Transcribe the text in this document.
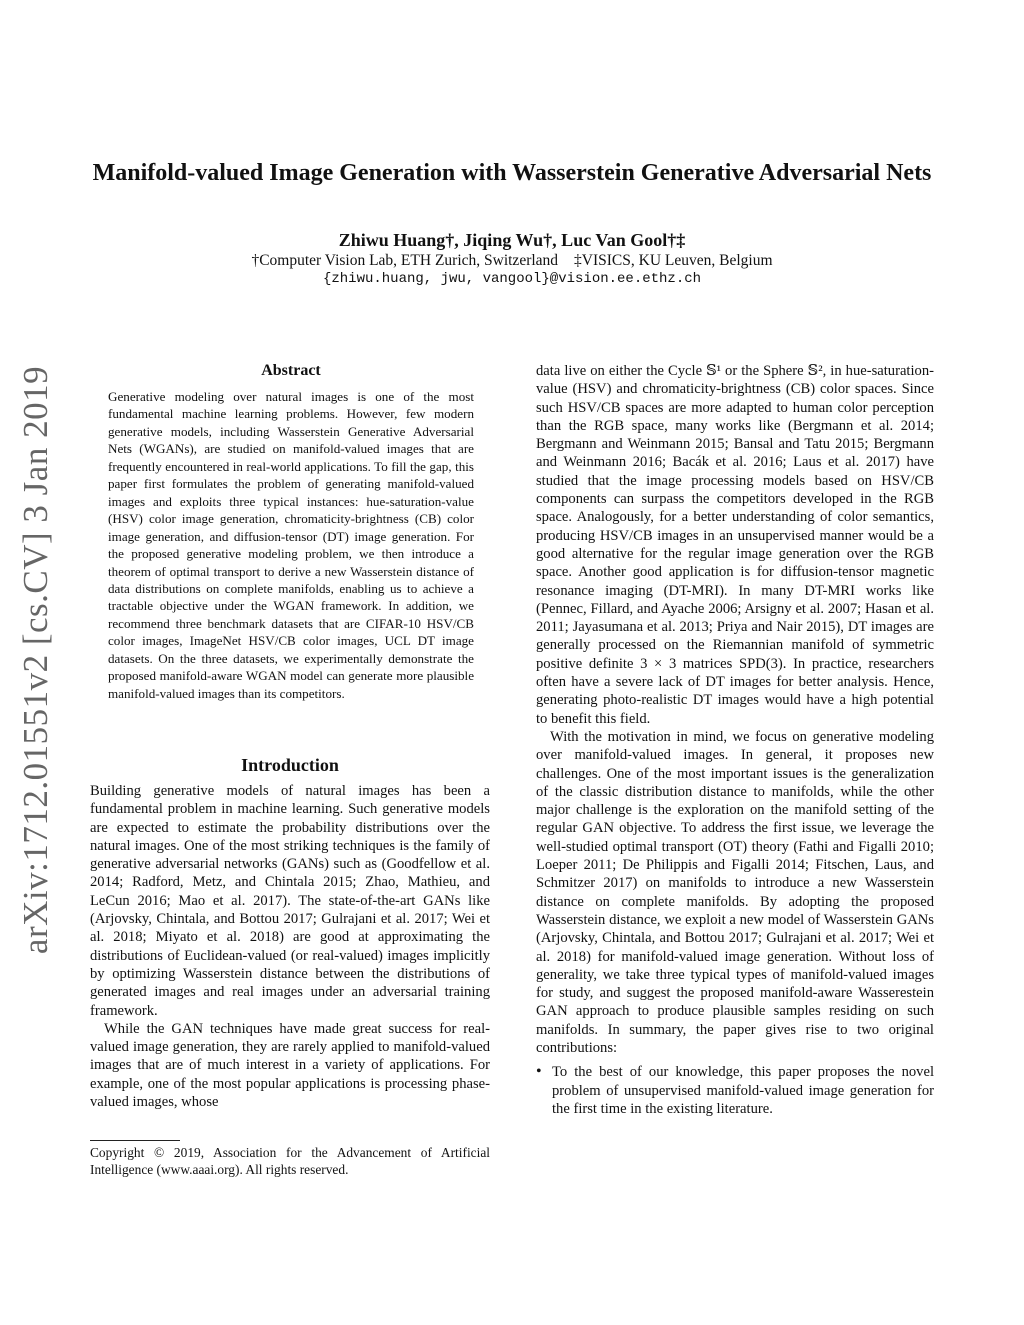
arXiv:1712.01551v2 [cs.CV] 3 Jan 2019
Manifold-valued Image Generation with Wasserstein Generative Adversarial Nets
Zhiwu Huang†, Jiqing Wu†, Luc Van Gool†‡
†Computer Vision Lab, ETH Zurich, Switzerland ‡VISICS, KU Leuven, Belgium
{zhiwu.huang, jwu, vangool}@vision.ee.ethz.ch
Abstract

Generative modeling over natural images is one of the most fundamental machine learning problems. However, few modern generative models, including Wasserstein Generative Adversarial Nets (WGANs), are studied on manifold-valued images that are frequently encountered in real-world applications. To fill the gap, this paper first formulates the problem of generating manifold-valued images and exploits three typical instances: hue-saturation-value (HSV) color image generation, chromaticity-brightness (CB) color image generation, and diffusion-tensor (DT) image generation. For the proposed generative modeling problem, we then introduce a theorem of optimal transport to derive a new Wasserstein distance of data distributions on complete manifolds, enabling us to achieve a tractable objective under the WGAN framework. In addition, we recommend three benchmark datasets that are CIFAR-10 HSV/CB color images, ImageNet HSV/CB color images, UCL DT image datasets. On the three datasets, we experimentally demonstrate the proposed manifold-aware WGAN model can generate more plausible manifold-valued images than its competitors.

Introduction

Building generative models of natural images has been a fundamental problem in machine learning. Such generative models are expected to estimate the probability distributions over the natural images. One of the most striking techniques is the family of generative adversarial networks (GANs) such as (Goodfellow et al. 2014; Radford, Metz, and Chintala 2015; Zhao, Mathieu, and LeCun 2016; Mao et al. 2017). The state-of-the-art GANs like (Arjovsky, Chintala, and Bottou 2017; Gulrajani et al. 2017; Wei et al. 2018; Miyato et al. 2018) are good at approximating the distributions of Euclidean-valued (or real-valued) images implicitly by optimizing Wasserstein distance between the distributions of generated images and real images under an adversarial training framework.

While the GAN techniques have made great success for real-valued image generation, they are rarely applied to manifold-valued images that are of much interest in a variety of applications. For example, one of the most popular applications is processing phase-valued images, whose

Copyright © 2019, Association for the Advancement of Artificial Intelligence (www.aaai.org). All rights reserved.

data live on either the Cycle 𝕊¹ or the Sphere 𝕊², in hue-saturation-value (HSV) and chromaticity-brightness (CB) color spaces. Since such HSV/CB spaces are more adapted to human color perception than the RGB space, many works like (Bergmann et al. 2014; Bergmann and Weinmann 2015; Bansal and Tatu 2015; Bergmann and Weinmann 2016; Bacák et al. 2016; Laus et al. 2017) have studied that the image processing models based on HSV/CB components can surpass the competitors developed in the RGB space. Analogously, for a better understanding of color semantics, producing HSV/CB images in an unsupervised manner would be a good alternative for the regular image generation over the RGB space. Another good application is for diffusion-tensor magnetic resonance imaging (DT-MRI). In many DT-MRI works like (Pennec, Fillard, and Ayache 2006; Arsigny et al. 2007; Hasan et al. 2011; Jayasumana et al. 2013; Priya and Nair 2015), DT images are generally processed on the Riemannian manifold of symmetric positive definite 3 × 3 matrices SPD(3). In practice, researchers often have a severe lack of DT images for better analysis. Hence, generating photo-realistic DT images would have a high potential to benefit this field.

With the motivation in mind, we focus on generative modeling over manifold-valued images. In general, it proposes new challenges. One of the most important issues is the generalization of the classic distribution distance to manifolds, while the other major challenge is the exploration on the manifold setting of the regular GAN objective. To address the first issue, we leverage the well-studied optimal transport (OT) theory (Fathi and Figalli 2010; Loeper 2011; De Philippis and Figalli 2014; Fitschen, Laus, and Schmitzer 2017) on manifolds to introduce a new Wasserstein distance on complete manifolds. By adopting the proposed Wasserstein distance, we exploit a new model of Wasserstein GANs (Arjovsky, Chintala, and Bottou 2017; Gulrajani et al. 2017; Wei et al. 2018) for manifold-valued image generation. Without loss of generality, we take three typical types of manifold-valued images for study, and suggest the proposed manifold-aware Wasserestein GAN approach to produce plausible samples residing on such manifolds. In summary, the paper gives rise to two original contributions:

• To the best of our knowledge, this paper proposes the novel problem of unsupervised manifold-valued image generation for the first time in the existing literature.
